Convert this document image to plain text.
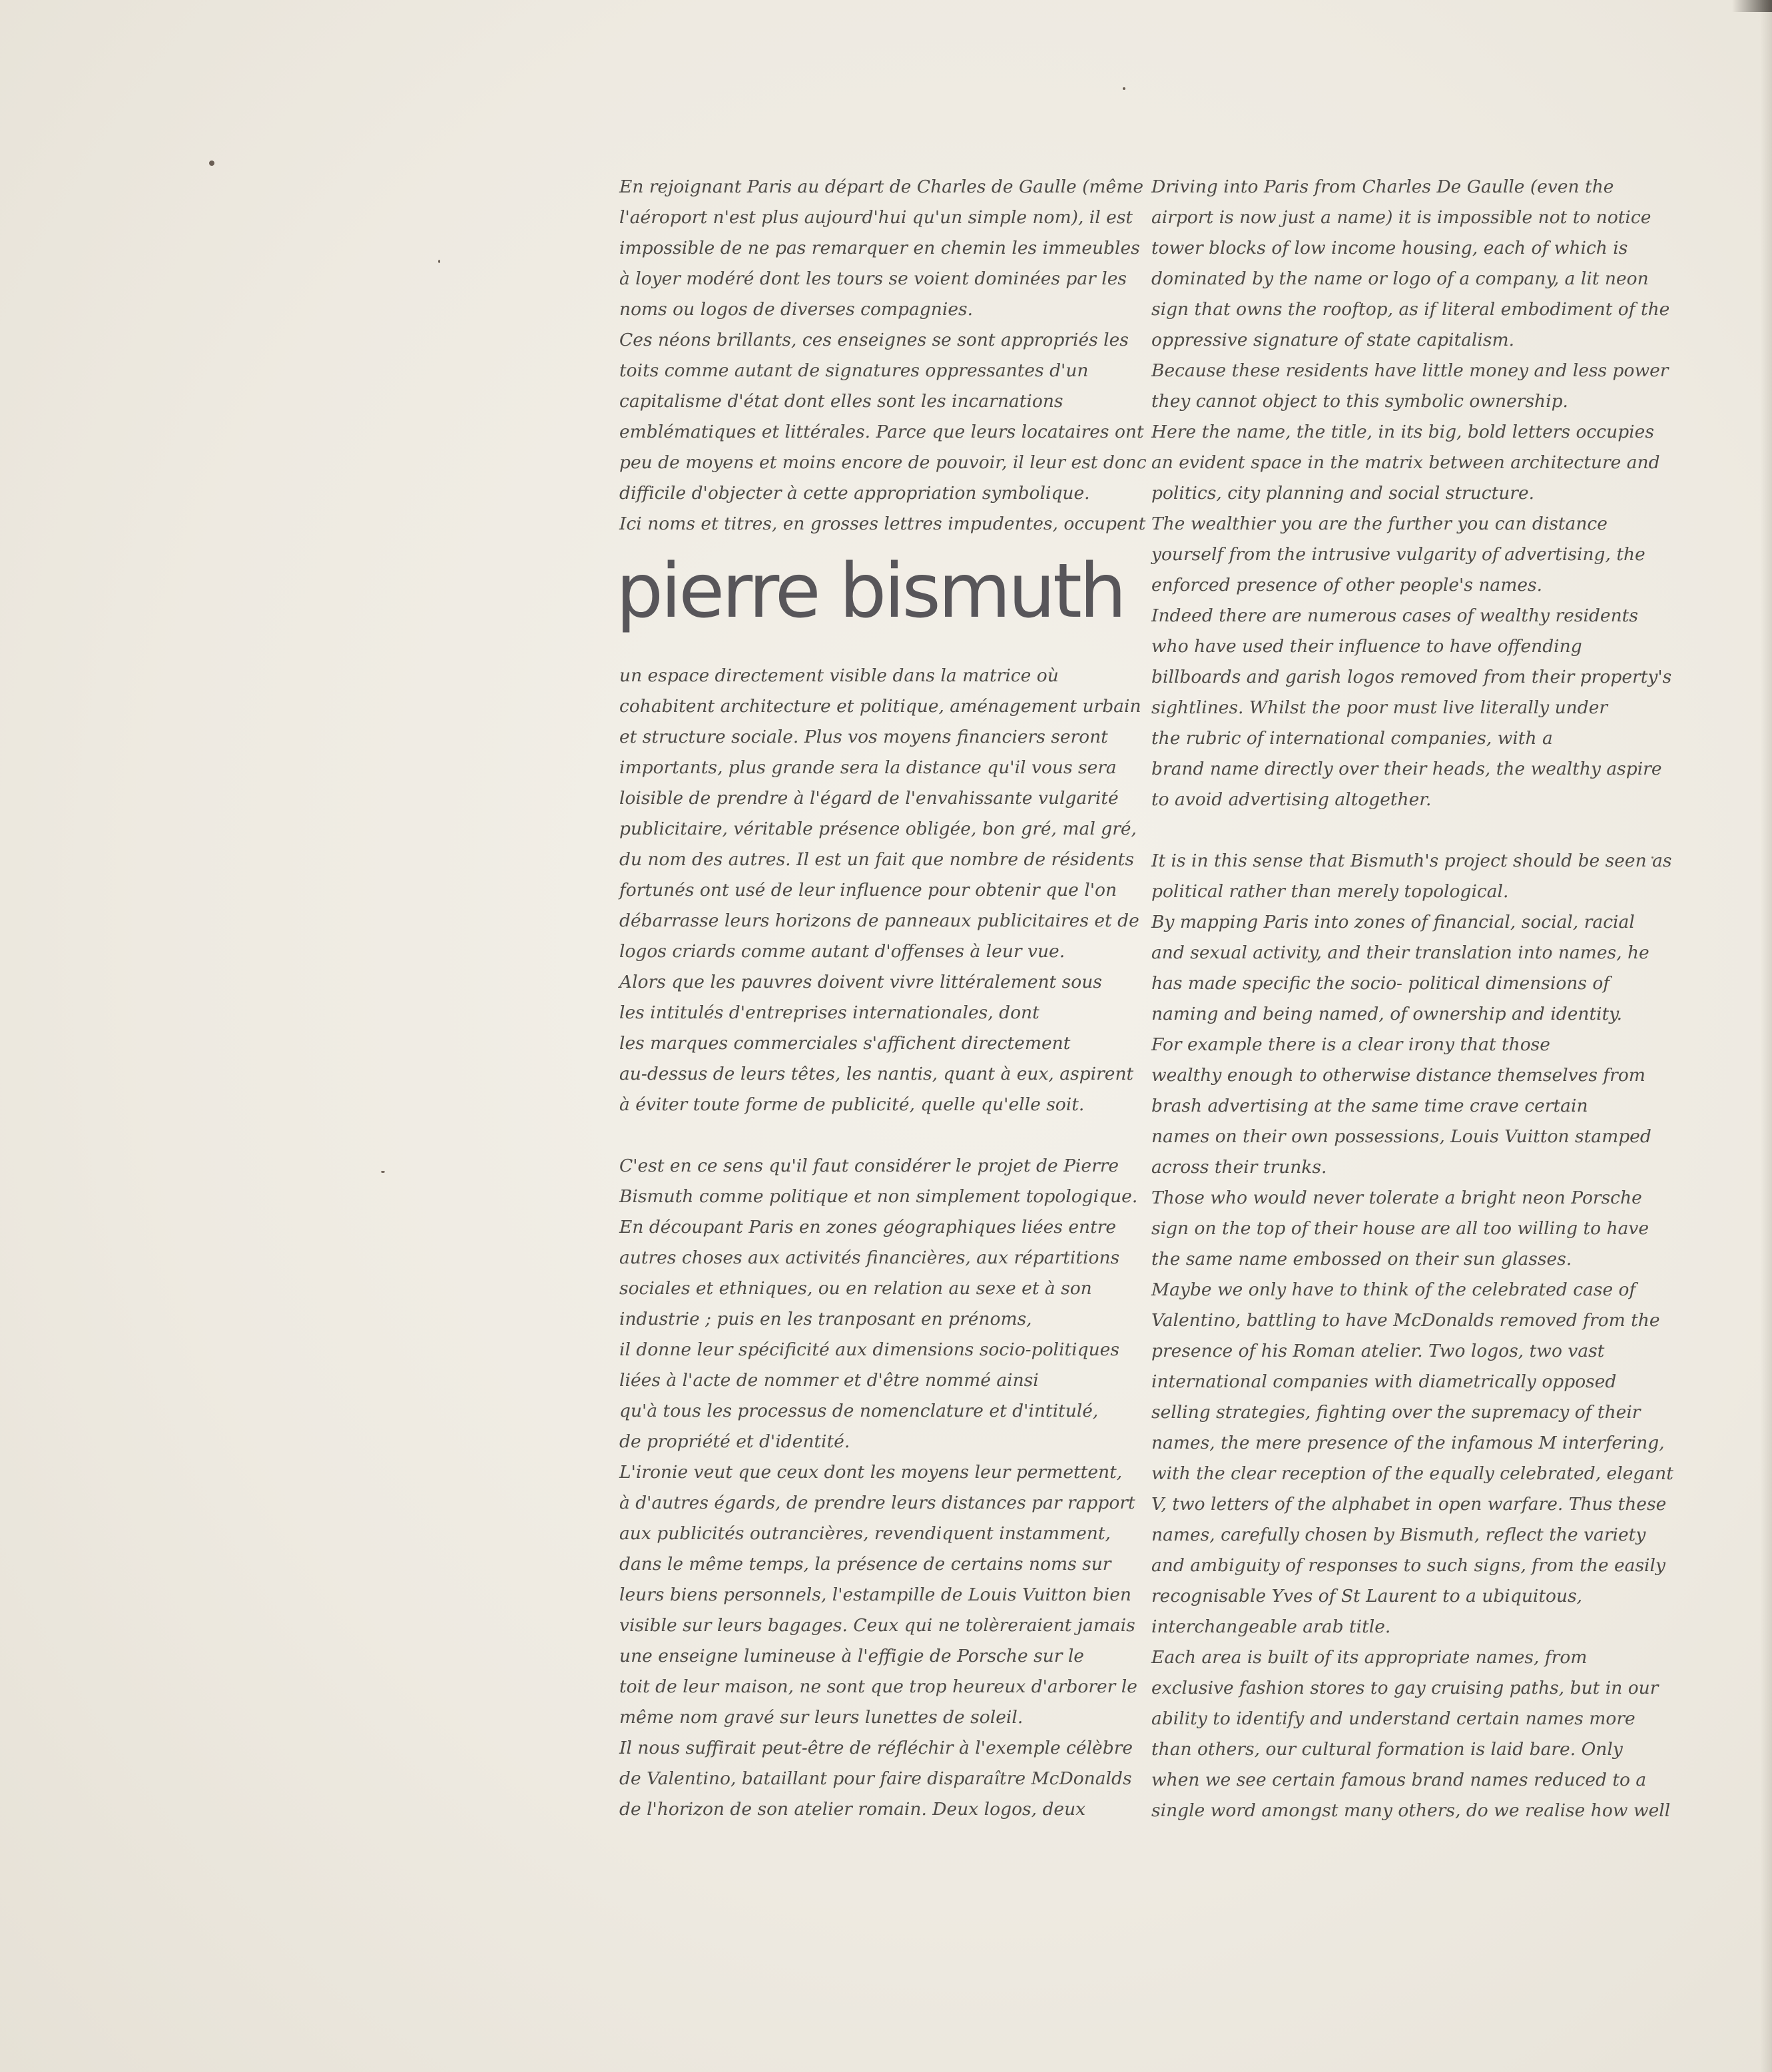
En rejoignant Paris au départ de Charles de Gaulle (même
l'aéroport n'est plus aujourd'hui qu'un simple nom), il est
impossible de ne pas remarquer en chemin les immeubles
à loyer modéré dont les tours se voient dominées par les
noms ou logos de diverses compagnies.
Ces néons brillants, ces enseignes se sont appropriés les
toits comme autant de signatures oppressantes d'un
capitalisme d'état dont elles sont les incarnations
emblématiques et littérales. Parce que leurs locataires ont
peu de moyens et moins encore de pouvoir, il leur est donc
difficile d'objecter à cette appropriation symbolique.
Ici noms et titres, en grosses lettres impudentes, occupent
pierre bismuth
un espace directement visible dans la matrice où
cohabitent architecture et politique, aménagement urbain
et structure sociale. Plus vos moyens financiers seront
importants, plus grande sera la distance qu'il vous sera
loisible de prendre à l'égard de l'envahissante vulgarité
publicitaire, véritable présence obligée, bon gré, mal gré,
du nom des autres. Il est un fait que nombre de résidents
fortunés ont usé de leur influence pour obtenir que l'on
débarrasse leurs horizons de panneaux publicitaires et de
logos criards comme autant d'offenses à leur vue.
Alors que les pauvres doivent vivre littéralement sous
les intitulés d'entreprises internationales, dont
les marques commerciales s'affichent directement
au-dessus de leurs têtes, les nantis, quant à eux, aspirent
à éviter toute forme de publicité, quelle qu'elle soit.
C'est en ce sens qu'il faut considérer le projet de Pierre
Bismuth comme politique et non simplement topologique.
En découpant Paris en zones géographiques liées entre
autres choses aux activités financières, aux répartitions
sociales et ethniques, ou en relation au sexe et à son
industrie ; puis en les tranposant en prénoms,
il donne leur spécificité aux dimensions socio-politiques
liées à l'acte de nommer et d'être nommé ainsi
qu'à tous les processus de nomenclature et d'intitulé,
de propriété et d'identité.
L'ironie veut que ceux dont les moyens leur permettent,
à d'autres égards, de prendre leurs distances par rapport
aux publicités outrancières, revendiquent instamment,
dans le même temps, la présence de certains noms sur
leurs biens personnels, l'estampille de Louis Vuitton bien
visible sur leurs bagages. Ceux qui ne tolèreraient jamais
une enseigne lumineuse à l'effigie de Porsche sur le
toit de leur maison, ne sont que trop heureux d'arborer le
même nom gravé sur leurs lunettes de soleil.
Il nous suffirait peut-être de réfléchir à l'exemple célèbre
de Valentino, bataillant pour faire disparaître McDonalds
de l'horizon de son atelier romain. Deux logos, deux
Driving into Paris from Charles De Gaulle (even the
airport is now just a name) it is impossible not to notice
tower blocks of low income housing, each of which is
dominated by the name or logo of a company, a lit neon
sign that owns the rooftop, as if literal embodiment of the
oppressive signature of state capitalism.
Because these residents have little money and less power
they cannot object to this symbolic ownership.
Here the name, the title, in its big, bold letters occupies
an evident space in the matrix between architecture and
politics, city planning and social structure.
The wealthier you are the further you can distance
yourself from the intrusive vulgarity of advertising, the
enforced presence of other people's names.
Indeed there are numerous cases of wealthy residents
who have used their influence to have offending
billboards and garish logos removed from their property's
sightlines. Whilst the poor must live literally under
the rubric of international companies, with a
brand name directly over their heads, the wealthy aspire
to avoid advertising altogether.
It is in this sense that Bismuth's project should be seen as
political rather than merely topological.
By mapping Paris into zones of financial, social, racial
and sexual activity, and their translation into names, he
has made specific the socio- political dimensions of
naming and being named, of ownership and identity.
For example there is a clear irony that those
wealthy enough to otherwise distance themselves from
brash advertising at the same time crave certain
names on their own possessions, Louis Vuitton stamped
across their trunks.
Those who would never tolerate a bright neon Porsche
sign on the top of their house are all too willing to have
the same name embossed on their sun glasses.
Maybe we only have to think of the celebrated case of
Valentino, battling to have McDonalds removed from the
presence of his Roman atelier. Two logos, two vast
international companies with diametrically opposed
selling strategies, fighting over the supremacy of their
names, the mere presence of the infamous M interfering,
with the clear reception of the equally celebrated, elegant
V, two letters of the alphabet in open warfare. Thus these
names, carefully chosen by Bismuth, reflect the variety
and ambiguity of responses to such signs, from the easily
recognisable Yves of St Laurent to a ubiquitous,
interchangeable arab title.
Each area is built of its appropriate names, from
exclusive fashion stores to gay cruising paths, but in our
ability to identify and understand certain names more
than others, our cultural formation is laid bare. Only
when we see certain famous brand names reduced to a
single word amongst many others, do we realise how well
